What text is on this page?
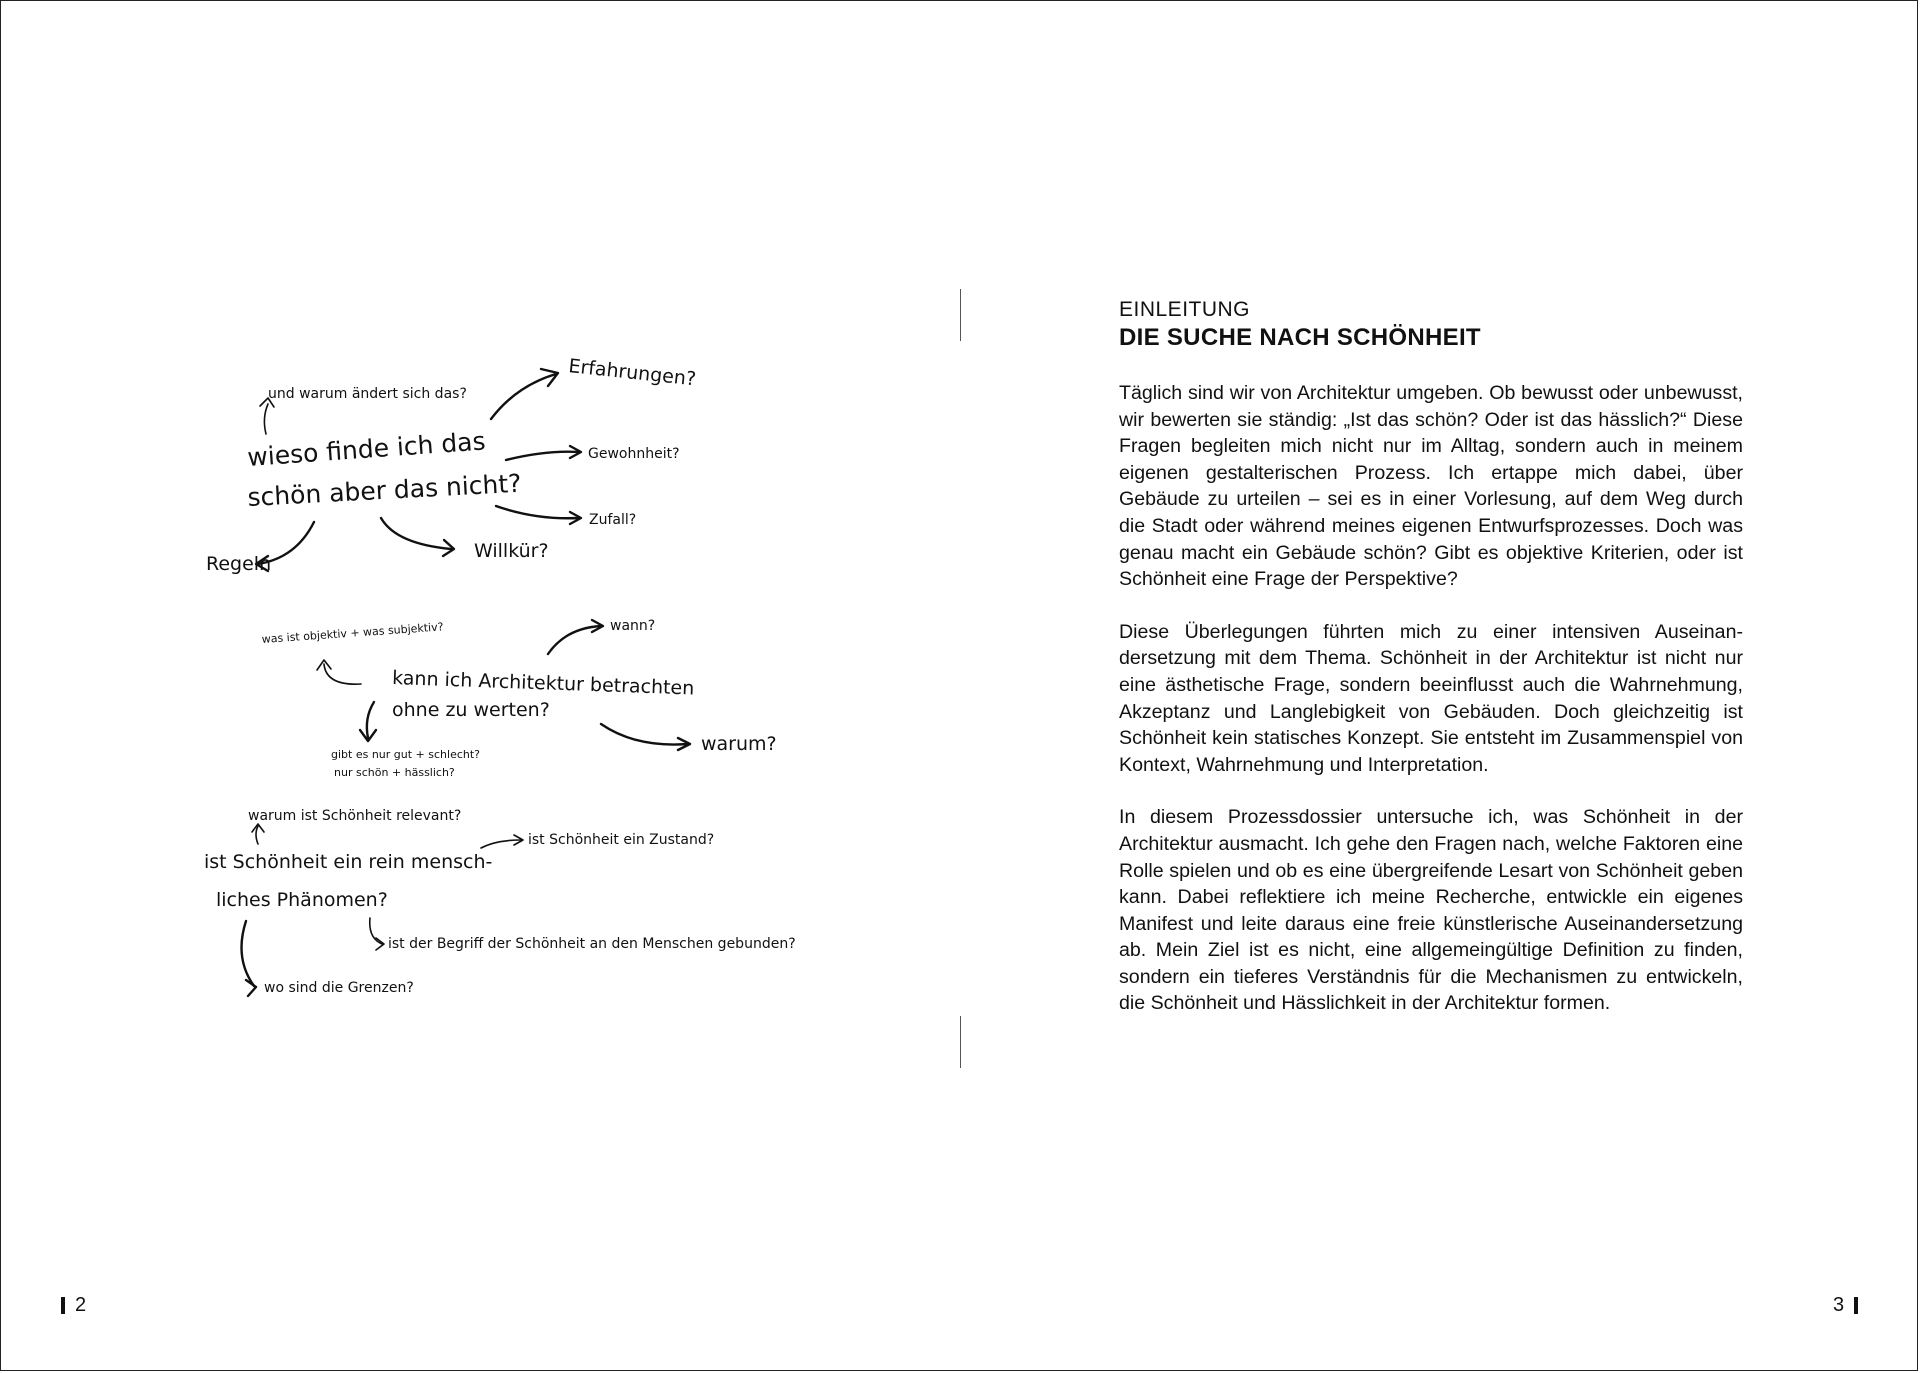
und warum ändert sich das?
wieso finde ich das
schön aber das nicht?
Erfahrungen?
Gewohnheit?
Zufall?
Willkür?
Regeln
was ist objektiv + was subjektiv?
kann ich Architektur betrachten
ohne zu werten?
wann?
warum?
gibt es nur gut + schlecht?
nur schön + hässlich?
warum ist Schönheit relevant?
ist Schönheit ein rein mensch-
liches Phänomen?
ist Schönheit ein Zustand?
ist der Begriff der Schönheit an den Menschen gebunden?
wo sind die Grenzen?
2

EINLEITUNG

DIE SUCHE NACH SCHÖNHEIT

Täglich sind wir von Architektur umgeben. Ob bewusst oder unbewusst, wir bewerten sie ständig: „Ist das schön? Oder ist das hässlich?“ Diese Fragen begleiten mich nicht nur im Alltag, sondern auch in meinem eigenen gestalterischen Prozess. Ich ertappe mich dabei, über Gebäude zu urteilen – sei es in einer Vorlesung, auf dem Weg durch die Stadt oder während meines eigenen Entwurfsprozesses. Doch was genau macht ein Gebäude schön? Gibt es objektive Kriterien, oder ist Schönheit eine Frage der Perspektive?

Diese Überlegungen führten mich zu einer intensiven Auseinandersetzung mit dem Thema. Schönheit in der Architektur ist nicht nur eine ästhetische Frage, sondern beeinflusst auch die Wahrnehmung, Akzeptanz und Langlebigkeit von Gebäuden. Doch gleichzeitig ist Schönheit kein statisches Konzept. Sie entsteht im Zusammenspiel von Kontext, Wahrnehmung und Interpretation.

In diesem Prozessdossier untersuche ich, was Schönheit in der Architektur ausmacht. Ich gehe den Fragen nach, welche Faktoren eine Rolle spielen und ob es eine übergreifende Lesart von Schönheit geben kann. Dabei reflektiere ich meine Recherche, entwickle ein eigenes Manifest und leite daraus eine freie künstlerische Auseinandersetzung ab. Mein Ziel ist es nicht, eine allgemeingültige Definition zu finden, sondern ein tieferes Verständnis für die Mechanismen zu entwickeln, die Schönheit und Hässlichkeit in der Architektur formen.

3
